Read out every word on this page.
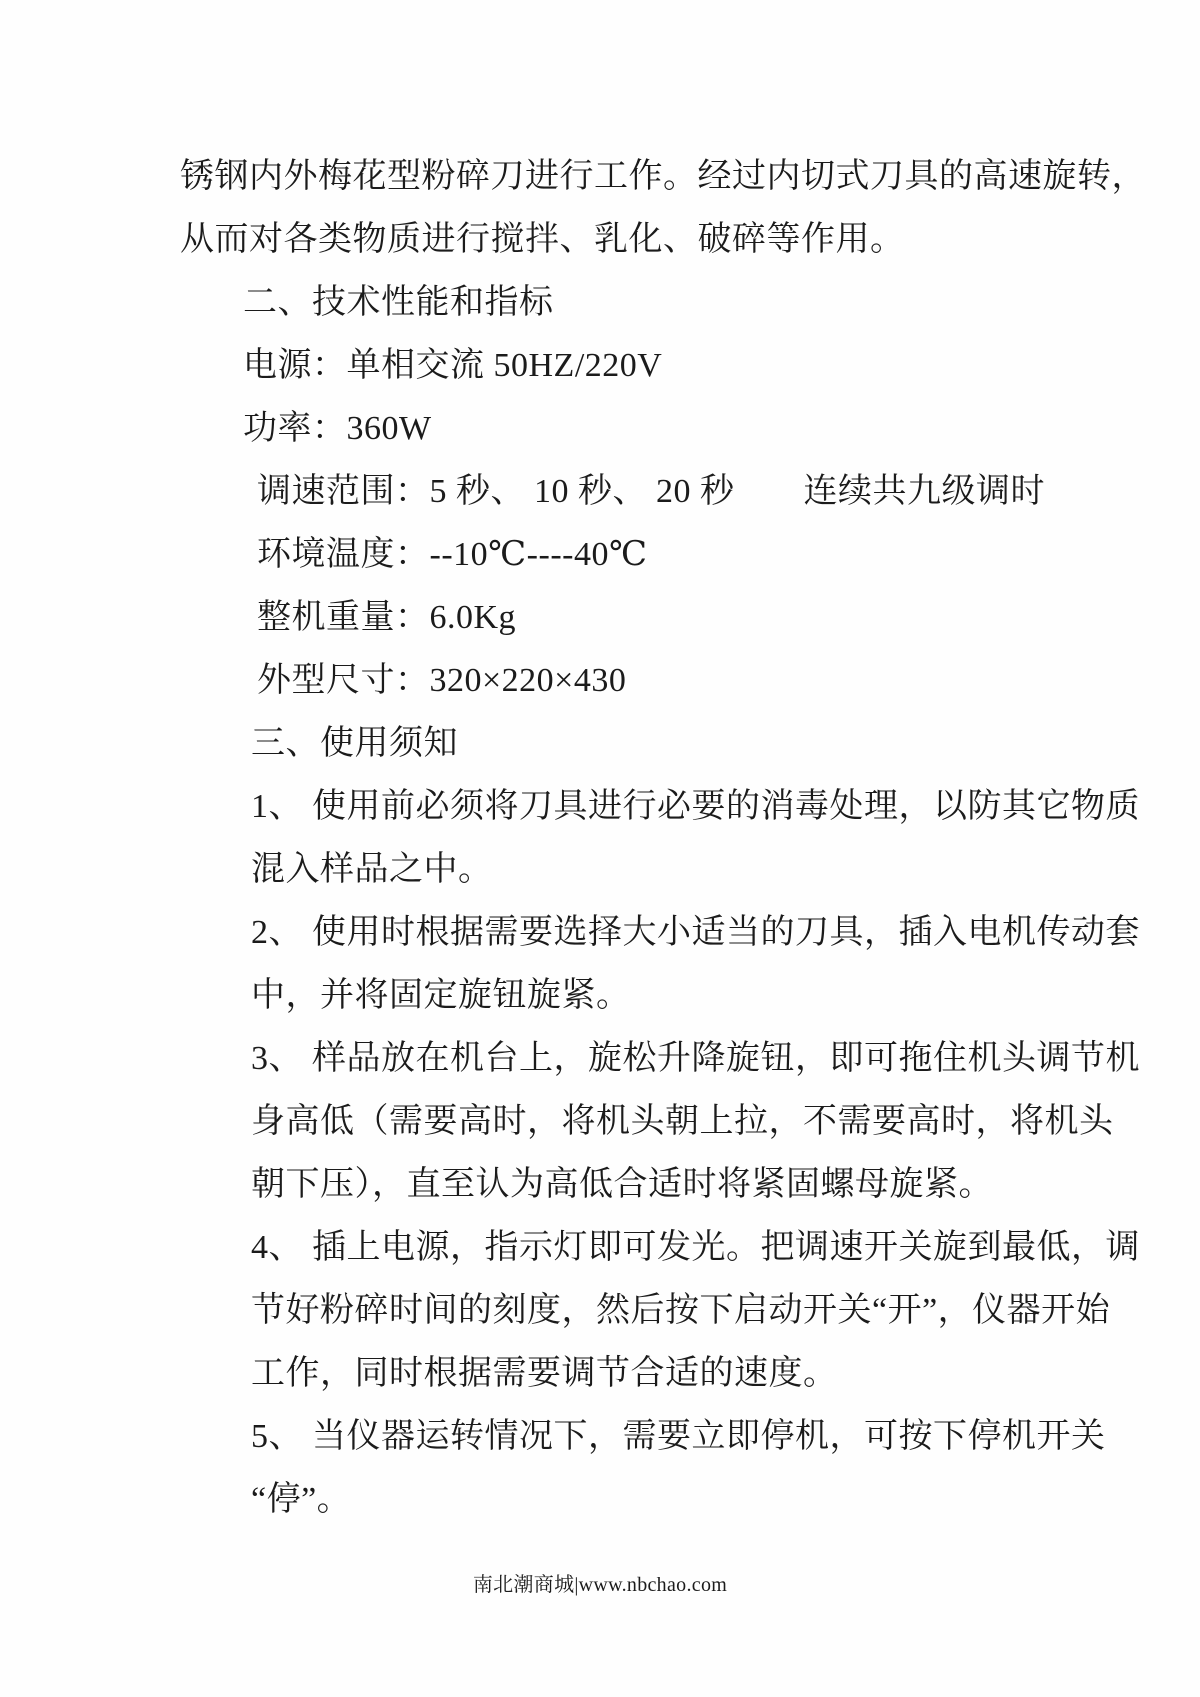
锈钢内外梅花型粉碎刀进行工作。经过内切式刀具的高速旋转，
从而对各类物质进行搅拌、乳化、破碎等作用。
二、技术性能和指标
电源：单相交流 50HZ/220V
功率：360W
调速范围：5 秒、 10 秒、 20 秒　　连续共九级调时
环境温度：--10℃----40℃
整机重量：6.0Kg
外型尺寸：320×220×430
三、使用须知
1、 使用前必须将刀具进行必要的消毒处理，以防其它物质
混入样品之中。
2、 使用时根据需要选择大小适当的刀具，插入电机传动套
中，并将固定旋钮旋紧。
3、 样品放在机台上，旋松升降旋钮，即可拖住机头调节机
身高低（需要高时，将机头朝上拉，不需要高时，将机头
朝下压），直至认为高低合适时将紧固螺母旋紧。
4、 插上电源，指示灯即可发光。把调速开关旋到最低，调
节好粉碎时间的刻度，然后按下启动开关“开”，仪器开始
工作，同时根据需要调节合适的速度。
5、 当仪器运转情况下，需要立即停机，可按下停机开关
“停”。
南北潮商城|www.nbchao.com
